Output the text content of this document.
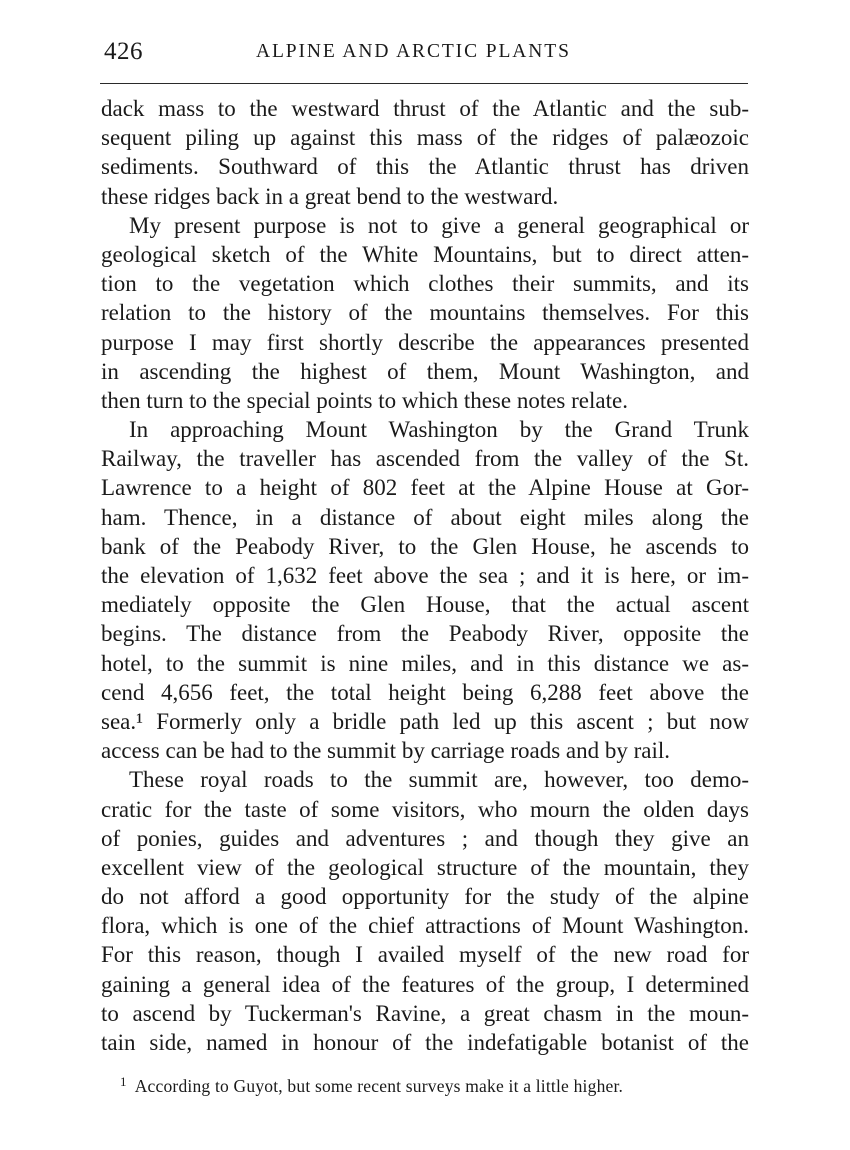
426	ALPINE AND ARCTIC PLANTS
dack mass to the westward thrust of the Atlantic and the sub-
sequent piling up against this mass of the ridges of palæozoic
sediments. Southward of this the Atlantic thrust has driven
these ridges back in a great bend to the westward.
My present purpose is not to give a general geographical or
geological sketch of the White Mountains, but to direct atten-
tion to the vegetation which clothes their summits, and its
relation to the history of the mountains themselves. For this
purpose I may first shortly describe the appearances presented
in ascending the highest of them, Mount Washington, and
then turn to the special points to which these notes relate.
In approaching Mount Washington by the Grand Trunk
Railway, the traveller has ascended from the valley of the St.
Lawrence to a height of 802 feet at the Alpine House at Gor-
ham. Thence, in a distance of about eight miles along the
bank of the Peabody River, to the Glen House, he ascends to
the elevation of 1,632 feet above the sea ; and it is here, or im-
mediately opposite the Glen House, that the actual ascent
begins. The distance from the Peabody River, opposite the
hotel, to the summit is nine miles, and in this distance we as-
cend 4,656 feet, the total height being 6,288 feet above the
sea.¹ Formerly only a bridle path led up this ascent ; but now
access can be had to the summit by carriage roads and by rail.
These royal roads to the summit are, however, too demo-
cratic for the taste of some visitors, who mourn the olden days
of ponies, guides and adventures ; and though they give an
excellent view of the geological structure of the mountain, they
do not afford a good opportunity for the study of the alpine
flora, which is one of the chief attractions of Mount Washington.
For this reason, though I availed myself of the new road for
gaining a general idea of the features of the group, I determined
to ascend by Tuckerman's Ravine, a great chasm in the moun-
tain side, named in honour of the indefatigable botanist of the
$^1$ According to Guyot, but some recent surveys make it a little higher.
